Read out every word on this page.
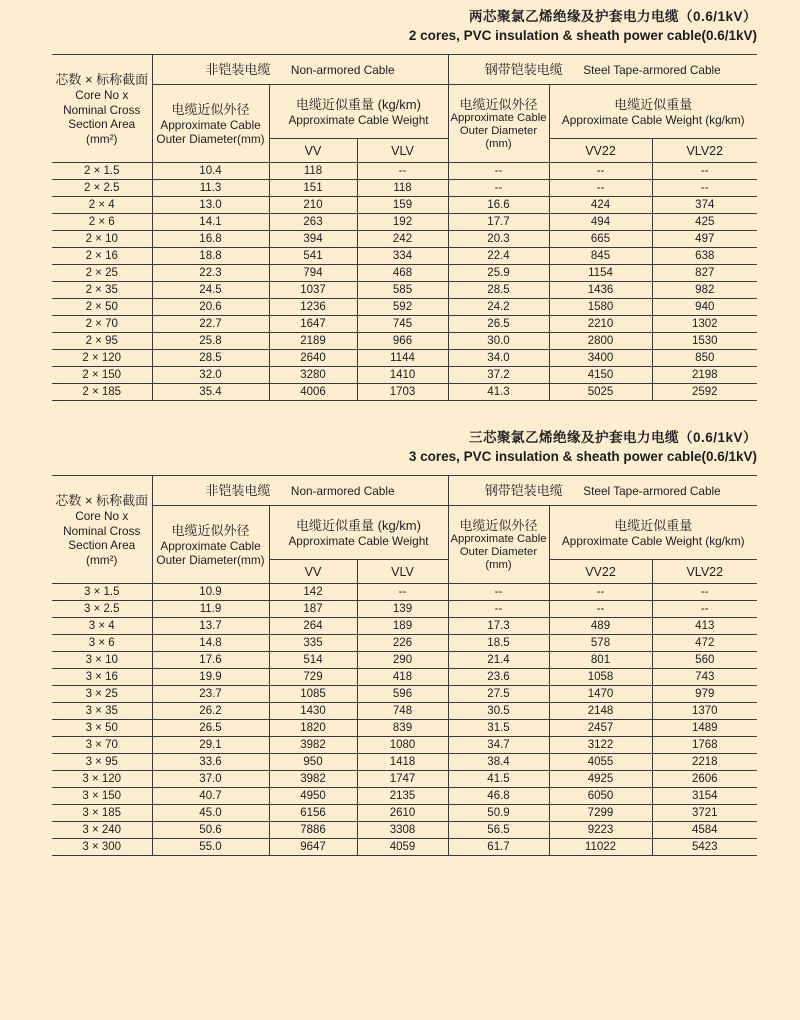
两芯聚氯乙烯绝缘及护套电力电缆（0.6/1kV）
2 cores, PVC insulation & sheath power cable(0.6/1kV)
芯数 × 标称截面
Core No x
Nominal Cross
Section Area
(mm²)	非铠装电缆 Non-armored Cable			钢带铠装电缆 Steel Tape-armored Cable		

电缆近似外径
Approximate Cable
Outer Diameter(mm)

电缆近似重量 (kg/km)
Approximate Cable Weight

电缆近似外径
Approximate Cable
Outer Diameter
(mm)

电缆近似重量
Approximate Cable Weight (kg/km)

		VV	VLV		VV22	VLV22
2 × 1.5	10.4	118	--	--	--	--
2 × 2.5	11.3	151	118	--	--	--
2 × 4	13.0	210	159	16.6	424	374
2 × 6	14.1	263	192	17.7	494	425
2 × 10	16.8	394	242	20.3	665	497
2 × 16	18.8	541	334	22.4	845	638
2 × 25	22.3	794	468	25.9	1154	827
2 × 35	24.5	1037	585	28.5	1436	982
2 × 50	20.6	1236	592	24.2	1580	940
2 × 70	22.7	1647	745	26.5	2210	1302
2 × 95	25.8	2189	966	30.0	2800	1530
2 × 120	28.5	2640	1144	34.0	3400	850
2 × 150	32.0	3280	1410	37.2	4150	2198
2 × 185	35.4	4006	1703	41.3	5025	2592
三芯聚氯乙烯绝缘及护套电力电缆（0.6/1kV）
3 cores, PVC insulation & sheath power cable(0.6/1kV)
芯数 × 标称截面
Core No x
Nominal Cross
Section Area
(mm²)	非铠装电缆 Non-armored Cable			钢带铠装电缆 Steel Tape-armored Cable		

电缆近似外径
Approximate Cable
Outer Diameter(mm)

电缆近似重量 (kg/km)
Approximate Cable Weight

电缆近似外径
Approximate Cable
Outer Diameter
(mm)

电缆近似重量
Approximate Cable Weight (kg/km)

		VV	VLV		VV22	VLV22
3 × 1.5	10.9	142	--	--	--	--
3 × 2.5	11.9	187	139	--	--	--
3 × 4	13.7	264	189	17.3	489	413
3 × 6	14.8	335	226	18.5	578	472
3 × 10	17.6	514	290	21.4	801	560
3 × 16	19.9	729	418	23.6	1058	743
3 × 25	23.7	1085	596	27.5	1470	979
3 × 35	26.2	1430	748	30.5	2148	1370
3 × 50	26.5	1820	839	31.5	2457	1489
3 × 70	29.1	3982	1080	34.7	3122	1768
3 × 95	33.6	950	1418	38.4	4055	2218
3 × 120	37.0	3982	1747	41.5	4925	2606
3 × 150	40.7	4950	2135	46.8	6050	3154
3 × 185	45.0	6156	2610	50.9	7299	3721
3 × 240	50.6	7886	3308	56.5	9223	4584
3 × 300	55.0	9647	4059	61.7	11022	5423
